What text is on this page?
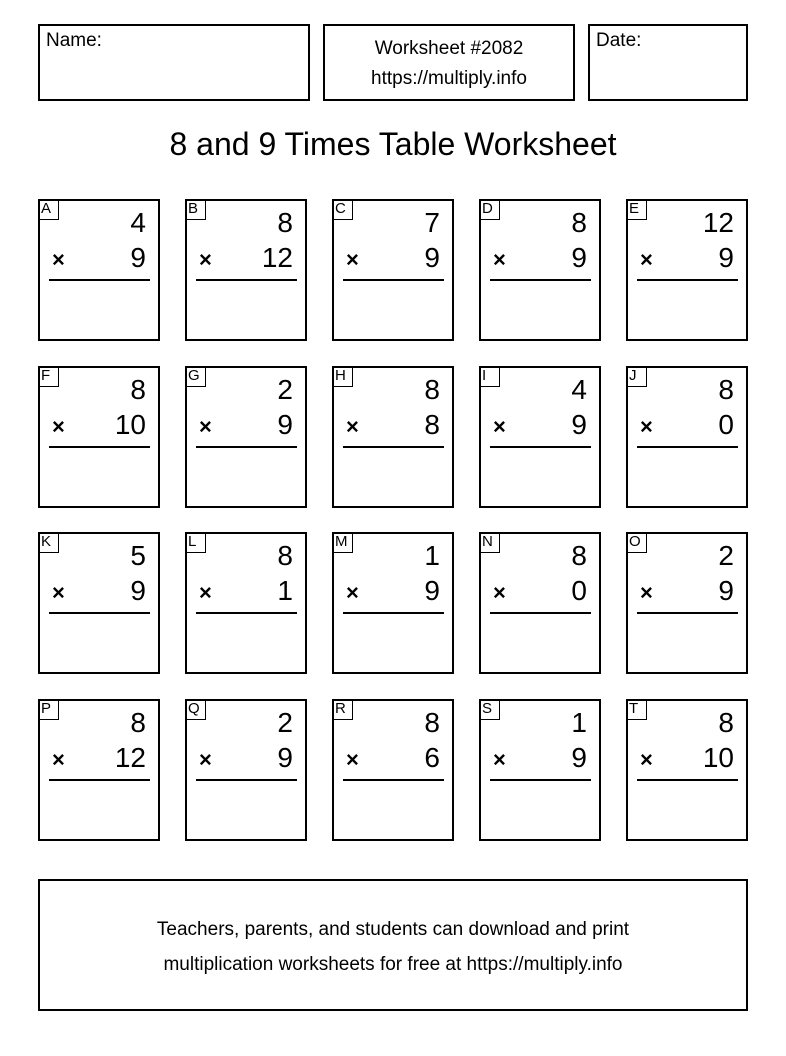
Name:	Worksheet #2082
https://multiply.info
Date:
8 and 9 Times Table Worksheet
A	4
× 9
B	8
× 12
C	7
× 9
D	8
× 9
E 12
× 9
F	8
× 10
G	2
× 9
H	8
× 8
I	4
× 9
J	8
× 0
K	5
× 9
L	8
× 1
M	1
× 9
N	8
× 0
O	2
× 9
P	8
× 12
Q	2
× 9
R	8
× 6
S	1
× 9
T	8
× 10
Teachers, parents, and students can download and print
multiplication worksheets for free at https://multiply.info
